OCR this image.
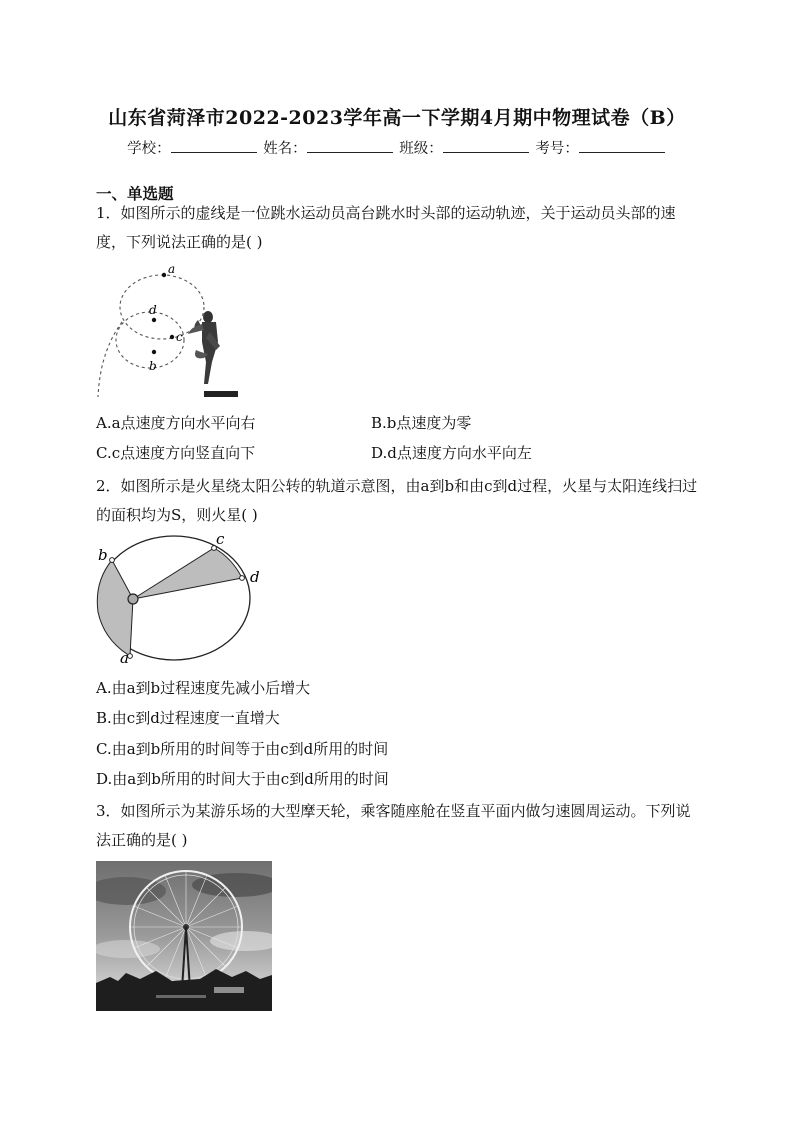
山东省菏泽市2022-2023学年高一下学期4月期中物理试卷（B）
学校：	姓名：	班级：	考号：
一、单选题
1．如图所示的虚线是一位跳水运动员高台跳水时头部的运动轨迹，关于运动员头部的速度，下列说法正确的是( )
a
d
c
b
A.a点速度方向水平向右	B.b点速度为零
C.c点速度方向竖直向下	D.d点速度方向水平向左
2．如图所示是火星绕太阳公转的轨道示意图，由a到b和由c到d过程，火星与太阳连线扫过的面积均为S，则火星( )
b
c
d
a
A.由a到b过程速度先减小后增大
B.由c到d过程速度一直增大
C.由a到b所用的时间等于由c到d所用的时间
D.由a到b所用的时间大于由c到d所用的时间
3．如图所示为某游乐场的大型摩天轮，乘客随座舱在竖直平面内做匀速圆周运动。下列说法正确的是( )
